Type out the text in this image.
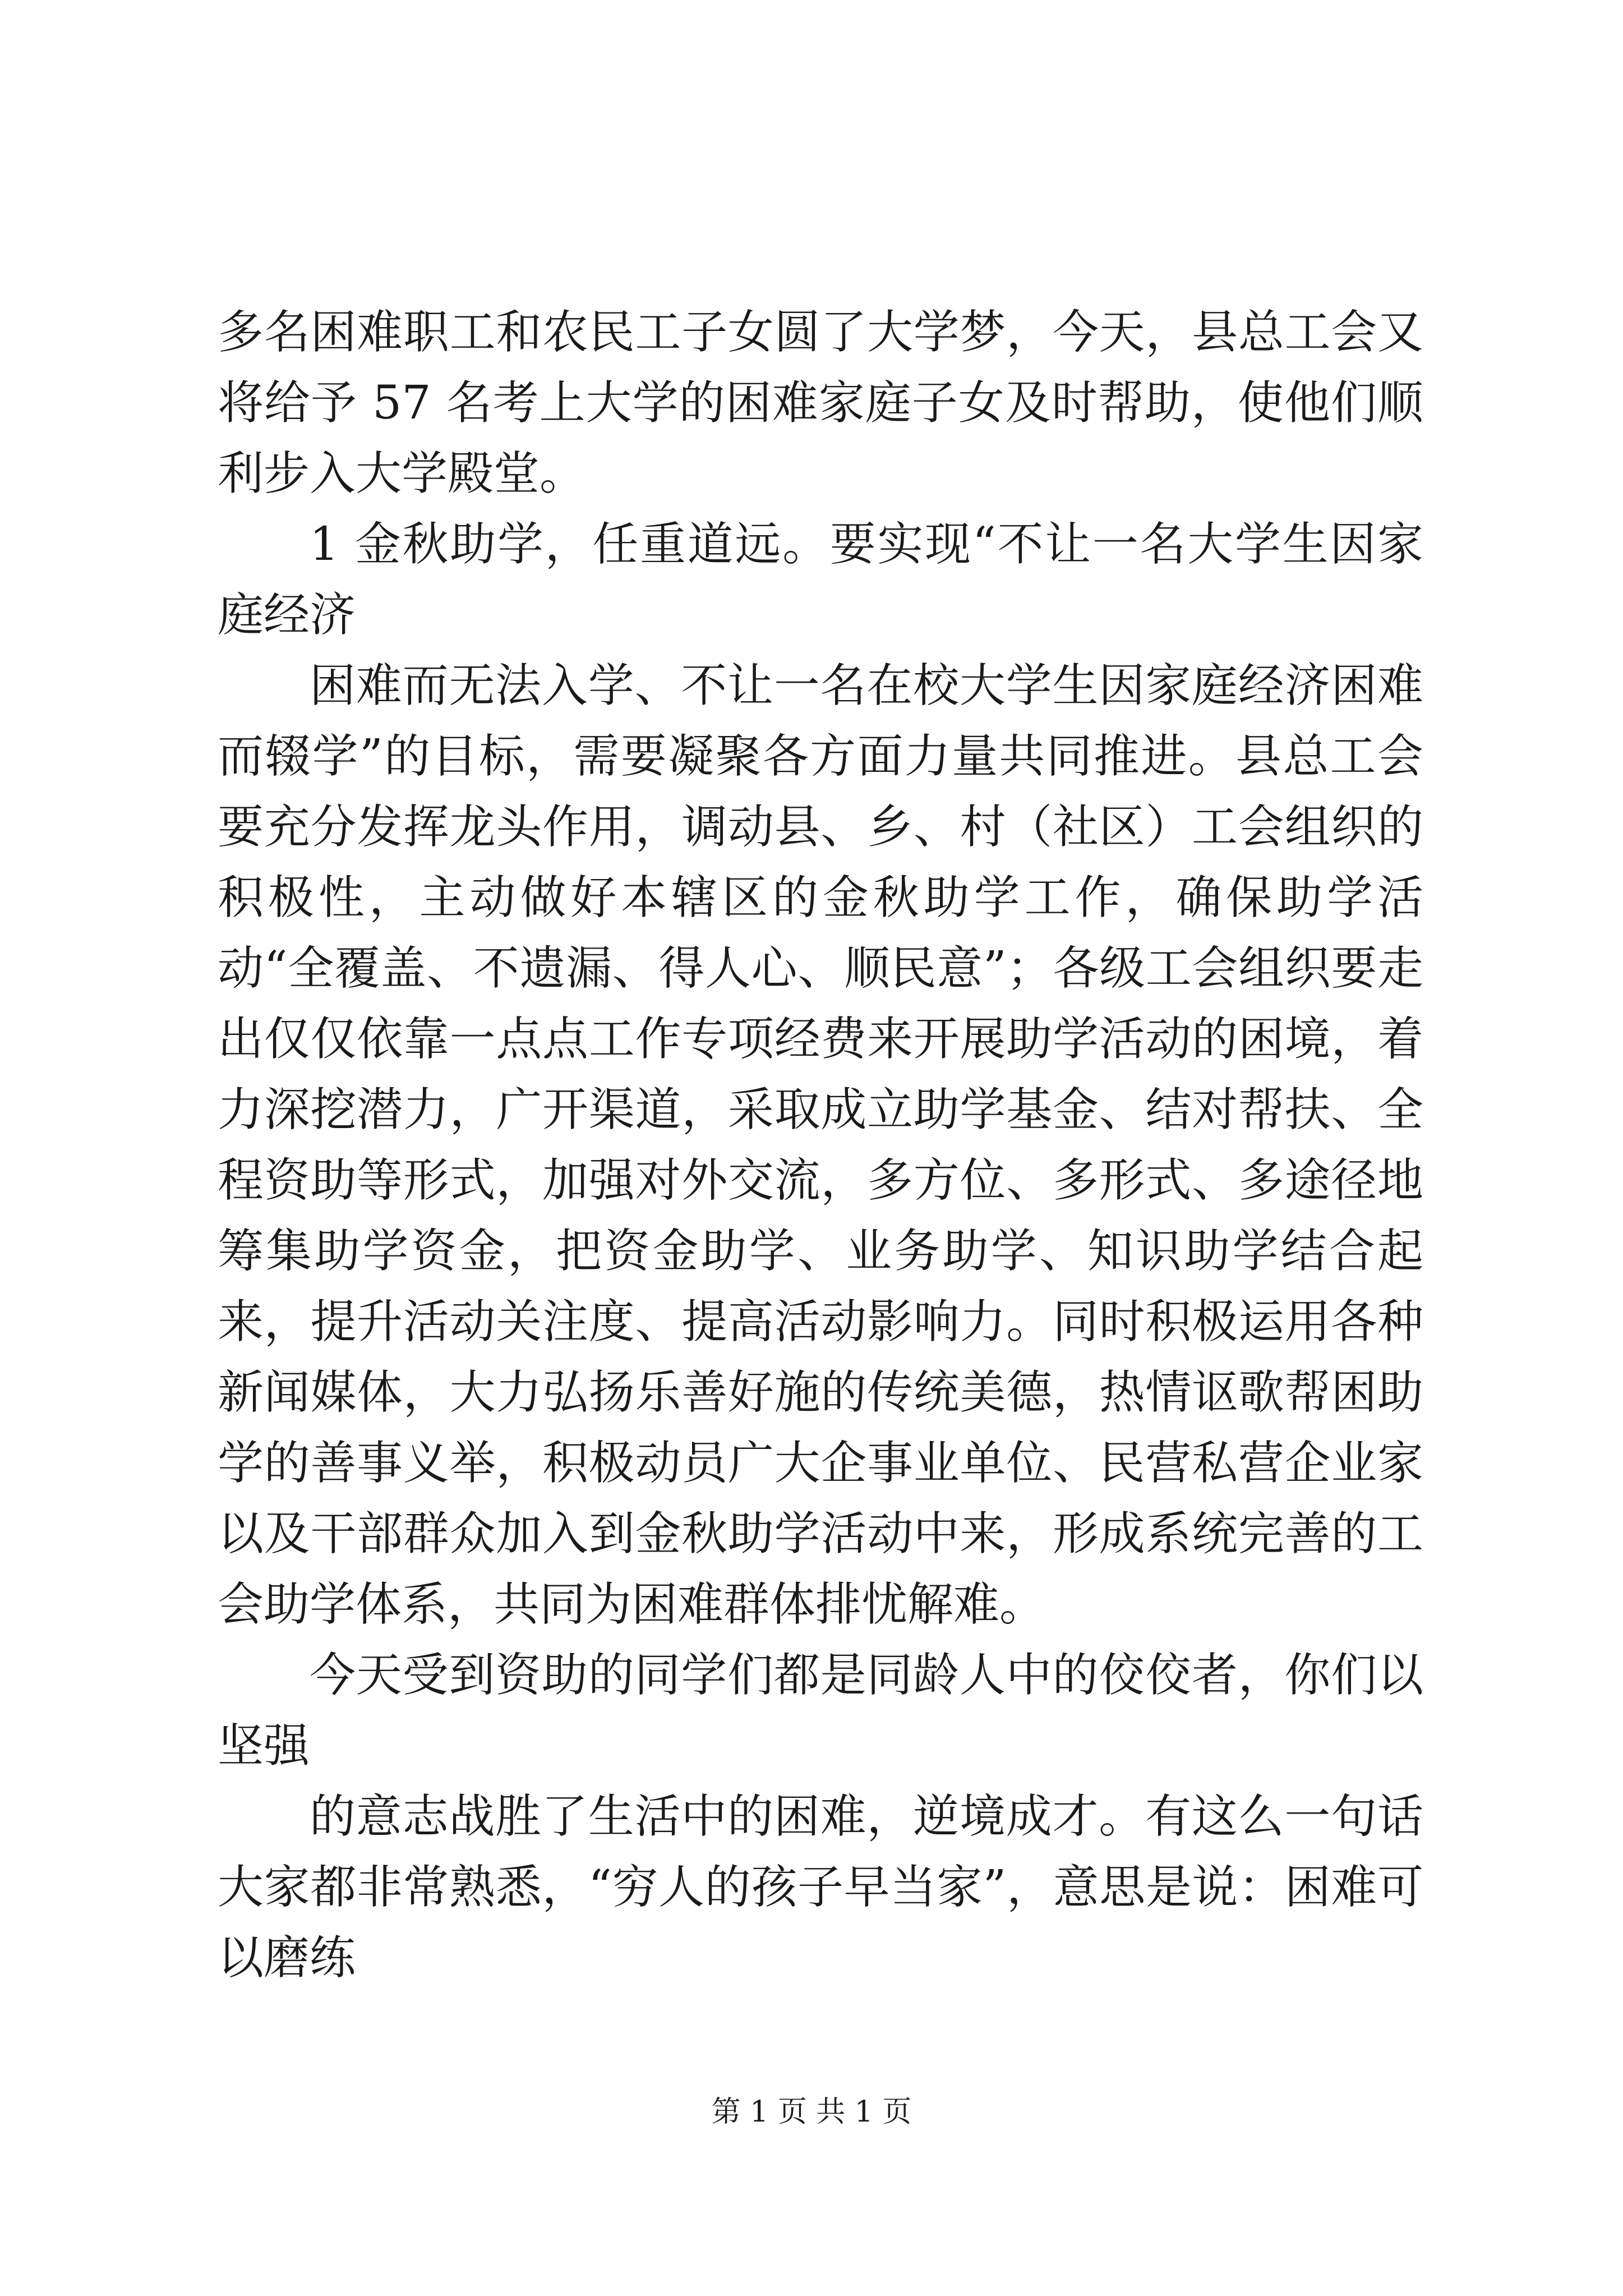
多名困难职工和农民工子女圆了大学梦，今天，县总工会又将给予 57 名考上大学的困难家庭子女及时帮助，使他们顺利步入大学殿堂。

1 金秋助学，任重道远。要实现“不让一名大学生因家庭经济

困难而无法入学、不让一名在校大学生因家庭经济困难而辍学”的目标，需要凝聚各方面力量共同推进。县总工会要充分发挥龙头作用，调动县、乡、村（社区）工会组织的积极性，主动做好本辖区的金秋助学工作，确保助学活动“全覆盖、不遗漏、得人心、顺民意”；各级工会组织要走出仅仅依靠一点点工作专项经费来开展助学活动的困境，着力深挖潜力，广开渠道，采取成立助学基金、结对帮扶、全程资助等形式，加强对外交流，多方位、多形式、多途径地筹集助学资金，把资金助学、业务助学、知识助学结合起来，提升活动关注度、提高活动影响力。同时积极运用各种新闻媒体，大力弘扬乐善好施的传统美德，热情讴歌帮困助学的善事义举，积极动员广大企事业单位、民营私营企业家以及干部群众加入到金秋助学活动中来，形成系统完善的工会助学体系，共同为困难群体排忧解难。

今天受到资助的同学们都是同龄人中的佼佼者，你们以坚强

的意志战胜了生活中的困难，逆境成才。有这么一句话大家都非常熟悉，“穷人的孩子早当家”，意思是说：困难可以磨练

第 1 页 共 1 页
